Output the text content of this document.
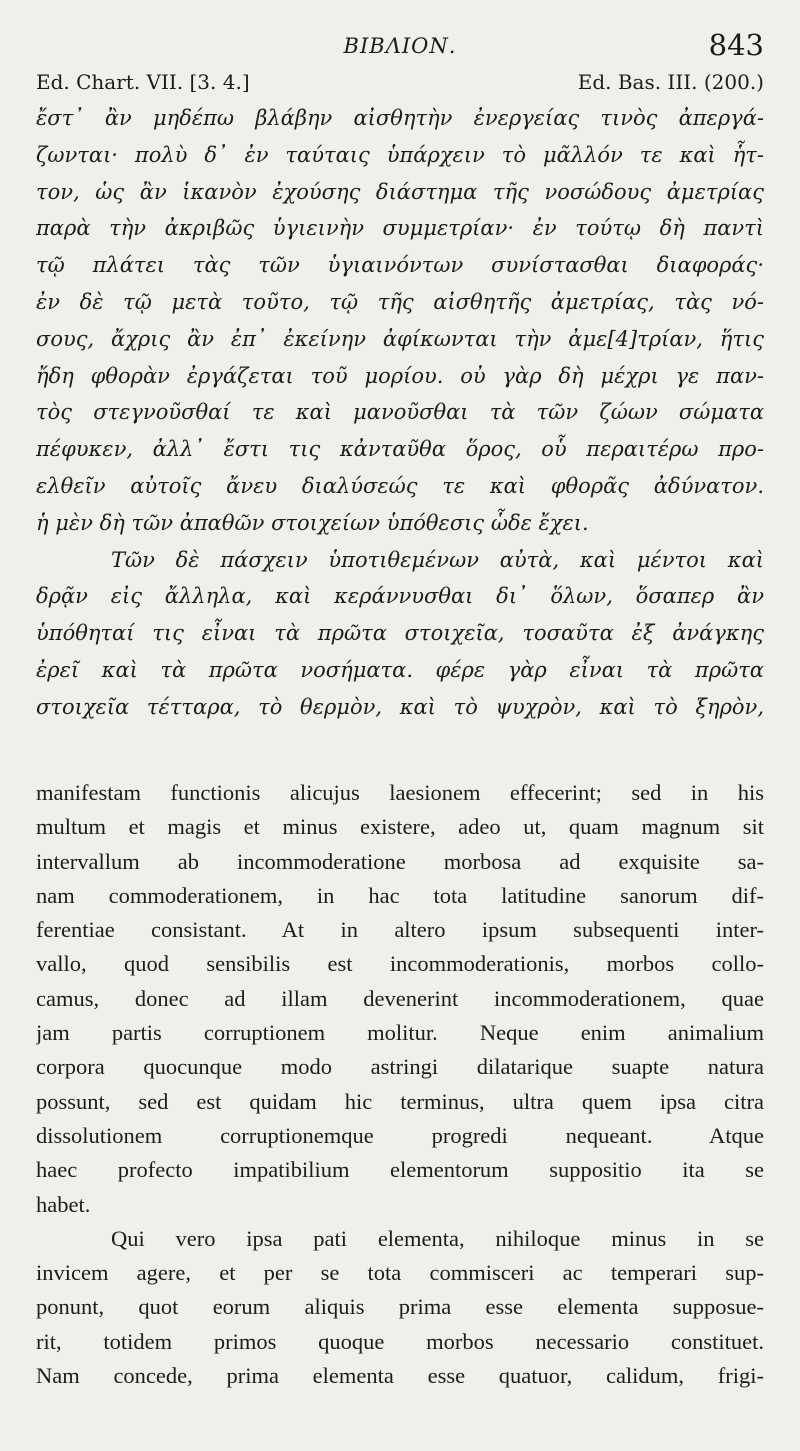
ΒΙΒΛΙΟΝ.	843
Ed. Chart. VII. [3. 4.]	Ed. Bas. III. (200.)
ἔστ᾽ ἂν μηδέπω βλάβην αἰσθητὴν ἐνεργείας τινὸς ἀπεργά-
ζωνται· πολὺ δ᾽ ἐν ταύταις ὑπάρχειν τὸ μᾶλλόν τε καὶ ἧτ-
τον, ὡς ἂν ἱκανὸν ἐχούσης διάστημα τῆς νοσώδους ἀμετρίας
παρὰ τὴν ἀκριβῶς ὑγιεινὴν συμμετρίαν· ἐν τούτῳ δὴ παντὶ
τῷ πλάτει τὰς τῶν ὑγιαινόντων συνίστασθαι διαφοράς·
ἐν δὲ τῷ μετὰ τοῦτο, τῷ τῆς αἰσθητῆς ἀμετρίας, τὰς νό-
σους, ἄχρις ἂν ἐπ᾽ ἐκείνην ἀφίκωνται τὴν ἀμε[4]τρίαν, ἥτις
ἤδη φθορὰν ἐργάζεται τοῦ μορίου. οὐ γὰρ δὴ μέχρι γε παν-
τὸς στεγνοῦσθαί τε καὶ μανοῦσθαι τὰ τῶν ζώων σώματα
πέφυκεν, ἀλλ᾽ ἔστι τις κἀνταῦθα ὅρος, οὗ περαιτέρω προ-
ελθεῖν αὐτοῖς ἄνευ διαλύσεώς τε καὶ φθορᾶς ἀδύνατον.
ἡ μὲν δὴ τῶν ἀπαθῶν στοιχείων ὑπόθεσις ὧδε ἔχει.
Τῶν δὲ πάσχειν ὑποτιθεμένων αὐτὰ, καὶ μέντοι καὶ
δρᾷν εἰς ἄλληλα, καὶ κεράννυσθαι δι᾽ ὅλων, ὅσαπερ ἂν
ὑπόθηταί τις εἶναι τὰ πρῶτα στοιχεῖα, τοσαῦτα ἐξ ἀνάγκης
ἐρεῖ καὶ τὰ πρῶτα νοσήματα. φέρε γὰρ εἶναι τὰ πρῶτα
στοιχεῖα τέτταρα, τὸ θερμὸν, καὶ τὸ ψυχρὸν, καὶ τὸ ξηρὸν,
manifestam functionis alicujus laesionem effecerint; sed in his
multum et magis et minus existere, adeo ut, quam magnum sit
intervallum ab incommoderatione morbosa ad exquisite sa-
nam commoderationem, in hac tota latitudine sanorum dif-
ferentiae consistant. At in altero ipsum subsequenti inter-
vallo, quod sensibilis est incommoderationis, morbos collo-
camus, donec ad illam devenerint incommoderationem, quae
jam partis corruptionem molitur. Neque enim animalium
corpora quocunque modo astringi dilatarique suapte natura
possunt, sed est quidam hic terminus, ultra quem ipsa citra
dissolutionem corruptionemque progredi nequeant. Atque
haec profecto impatibilium elementorum suppositio ita se
habet.
Qui vero ipsa pati elementa, nihiloque minus in se
invicem agere, et per se tota commisceri ac temperari sup-
ponunt, quot eorum aliquis prima esse elementa supposue-
rit, totidem primos quoque morbos necessario constituet.
Nam concede, prima elementa esse quatuor, calidum, frigi-
